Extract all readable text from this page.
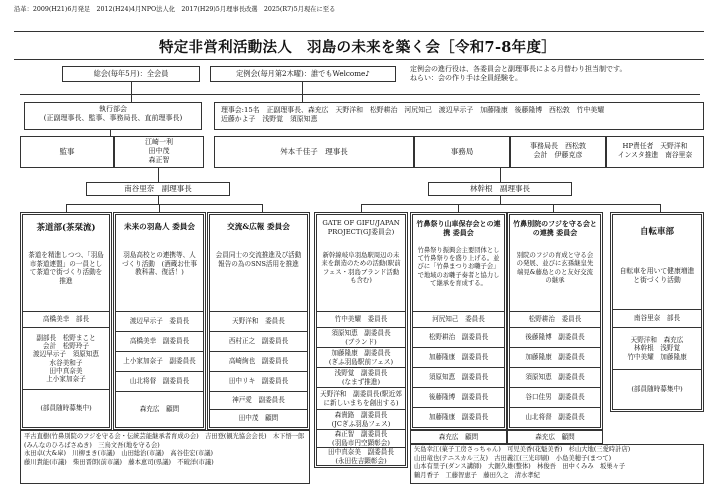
沿革：2009(H21)6月発足　2012(H24)4月NPO法人化　2017(H29)5月理事長改選　2025(R7)5月現在に至る
特定非営利活動法人　羽島の未来を築く会［令和7-8年度］
総会(毎年5月)：全会員	定例会(毎月第2木曜)：誰でもWelcome♪	定例会の進行役は、各委員会と副理事長による月替わり担当制です。
ねらい：会の作り手は全員経験を。
執行部会
(正副理事長、監事、事務局長、直前理事長)
理事会:15名　正副理事長、森充広　天野洋和　松野耕治　河尻知己　渡辺早示子　加藤隆康　後藤隆博　西松敦　竹中美耀
近藤かよ子　浅野覚　須原知恵
監事
江崎一利
田中茂
森正智
舛本千佳子　理事長	事務局
事務局長　西松敦
会計　伊藤克彦
HP責任者　天野洋和
インスタ推進　南谷里奈
南谷里奈　副理事長	林幹根　副理事長
茶道部(茶栞流)
茶道を精進しつつ、「羽島市茶道連盟」の一員として茶道で街づくり活動を推進
高橋美幸　部長
副部長　松野まこと
会計　松野玲子
渡辺早示子　須原知恵
水谷美和子
田中真奈美
上小家加奈子
(部員随時募集中)
未来の羽島人 委員会
羽島高校との連携等、人づくり活動　(酒蔵お仕事教科書、復活！)
渡辺早示子　委員長
高橋美幸　副委員長
上小家加奈子　副委員長
山北将督　副委員長
森充広　顧問
交流&広報 委員会
会員同士の交流推進及び活動報告の為のSNS活用を推進
天野洋和　委員長
西村正之　副委員長
高崎絢也　副委員長
田中リキ　副委員長
神戸愛　副委員長
田中茂　顧問
GATE OF GIFU/JAPAN PROJECT(GJ委員会)
新幹線岐阜羽島駅周辺の未来を創造のための活動(駅前フェス・羽島ブランド活動も含む)
竹中美耀　委員長
須原知恵　副委員長
(ブランド)
加藤隆康　副委員長
(ぎふ羽島駅前フェス)
浅野覚　副委員長
(なまず推進)
天野洋和　副委員長(駅近郊に新しいまちを創出する)
森貴路　副委員長
(JCぎふ羽島フェス)
森正智　副委員長
(羽島市円空顕彰会)
田中真奈美　副委員長
(永田佐吉顕彰会)
竹鼻祭り山車保存会との連携 委員会
竹鼻祭り振興会主要団体として竹鼻祭りを盛り上げる。並びに「竹鼻まつりお囃子会」で地域のお囃子奏者と協力して継承を育成する。
河尻知己　委員長
松野耕治　副委員長
加藤隆康　副委員長
須原知恵　副委員長
後藤隆博　副委員長
加藤隆康　副委員長
森充広　顧問
竹鼻別院のフジを守る会との連携 委員会
別院のフジの育成と守る会の発展、並びに玄孫継皇先端見&藤島とのと友好交流の継承
松野耕治　委員長
後藤隆博　副委員長
加藤隆康　副委員長
須原知恵　副委員長
谷口佳男　副委員長
山北将督　副委員長
森充広　顧問
自転車部
自転車を用いて健康増進と街づくり活動
南谷里奈　部長
天野洋和　森充広
林幹根　浅野覚
竹中美耀　加藤隆康
(部員随時募集中)
平古直樹(竹鼻別院のフジを守る会・伝統芸能継承者育成の会)　吉田登(観光協会会長)　木下悟一郎(みんなのひろばさぬき)　三鳥文吾(地を守る会)
永田卓(大&皐)　川柳まき(市議)　山田総治(市議)　高谷佳宏(市議)
藤川貴能(市議)　柴田晋朗(前市議)　藤本恵司(県議)　不破洋(市議)
矢島幸江(菓子工房さっちゃん)　可児美香(花魁美香)　杉山大地(三愛時計店)
山田竜也(テニスカル三友)　古田義江(三光印刷)　小島美穂子(まつて)
山本有里子(ダンス講師)　大鋸久雄(整体)　林俊吾　田中くみみ　坂巣々子
鶴月香子　工藤智恵子　藤田久之　清水孝紀
